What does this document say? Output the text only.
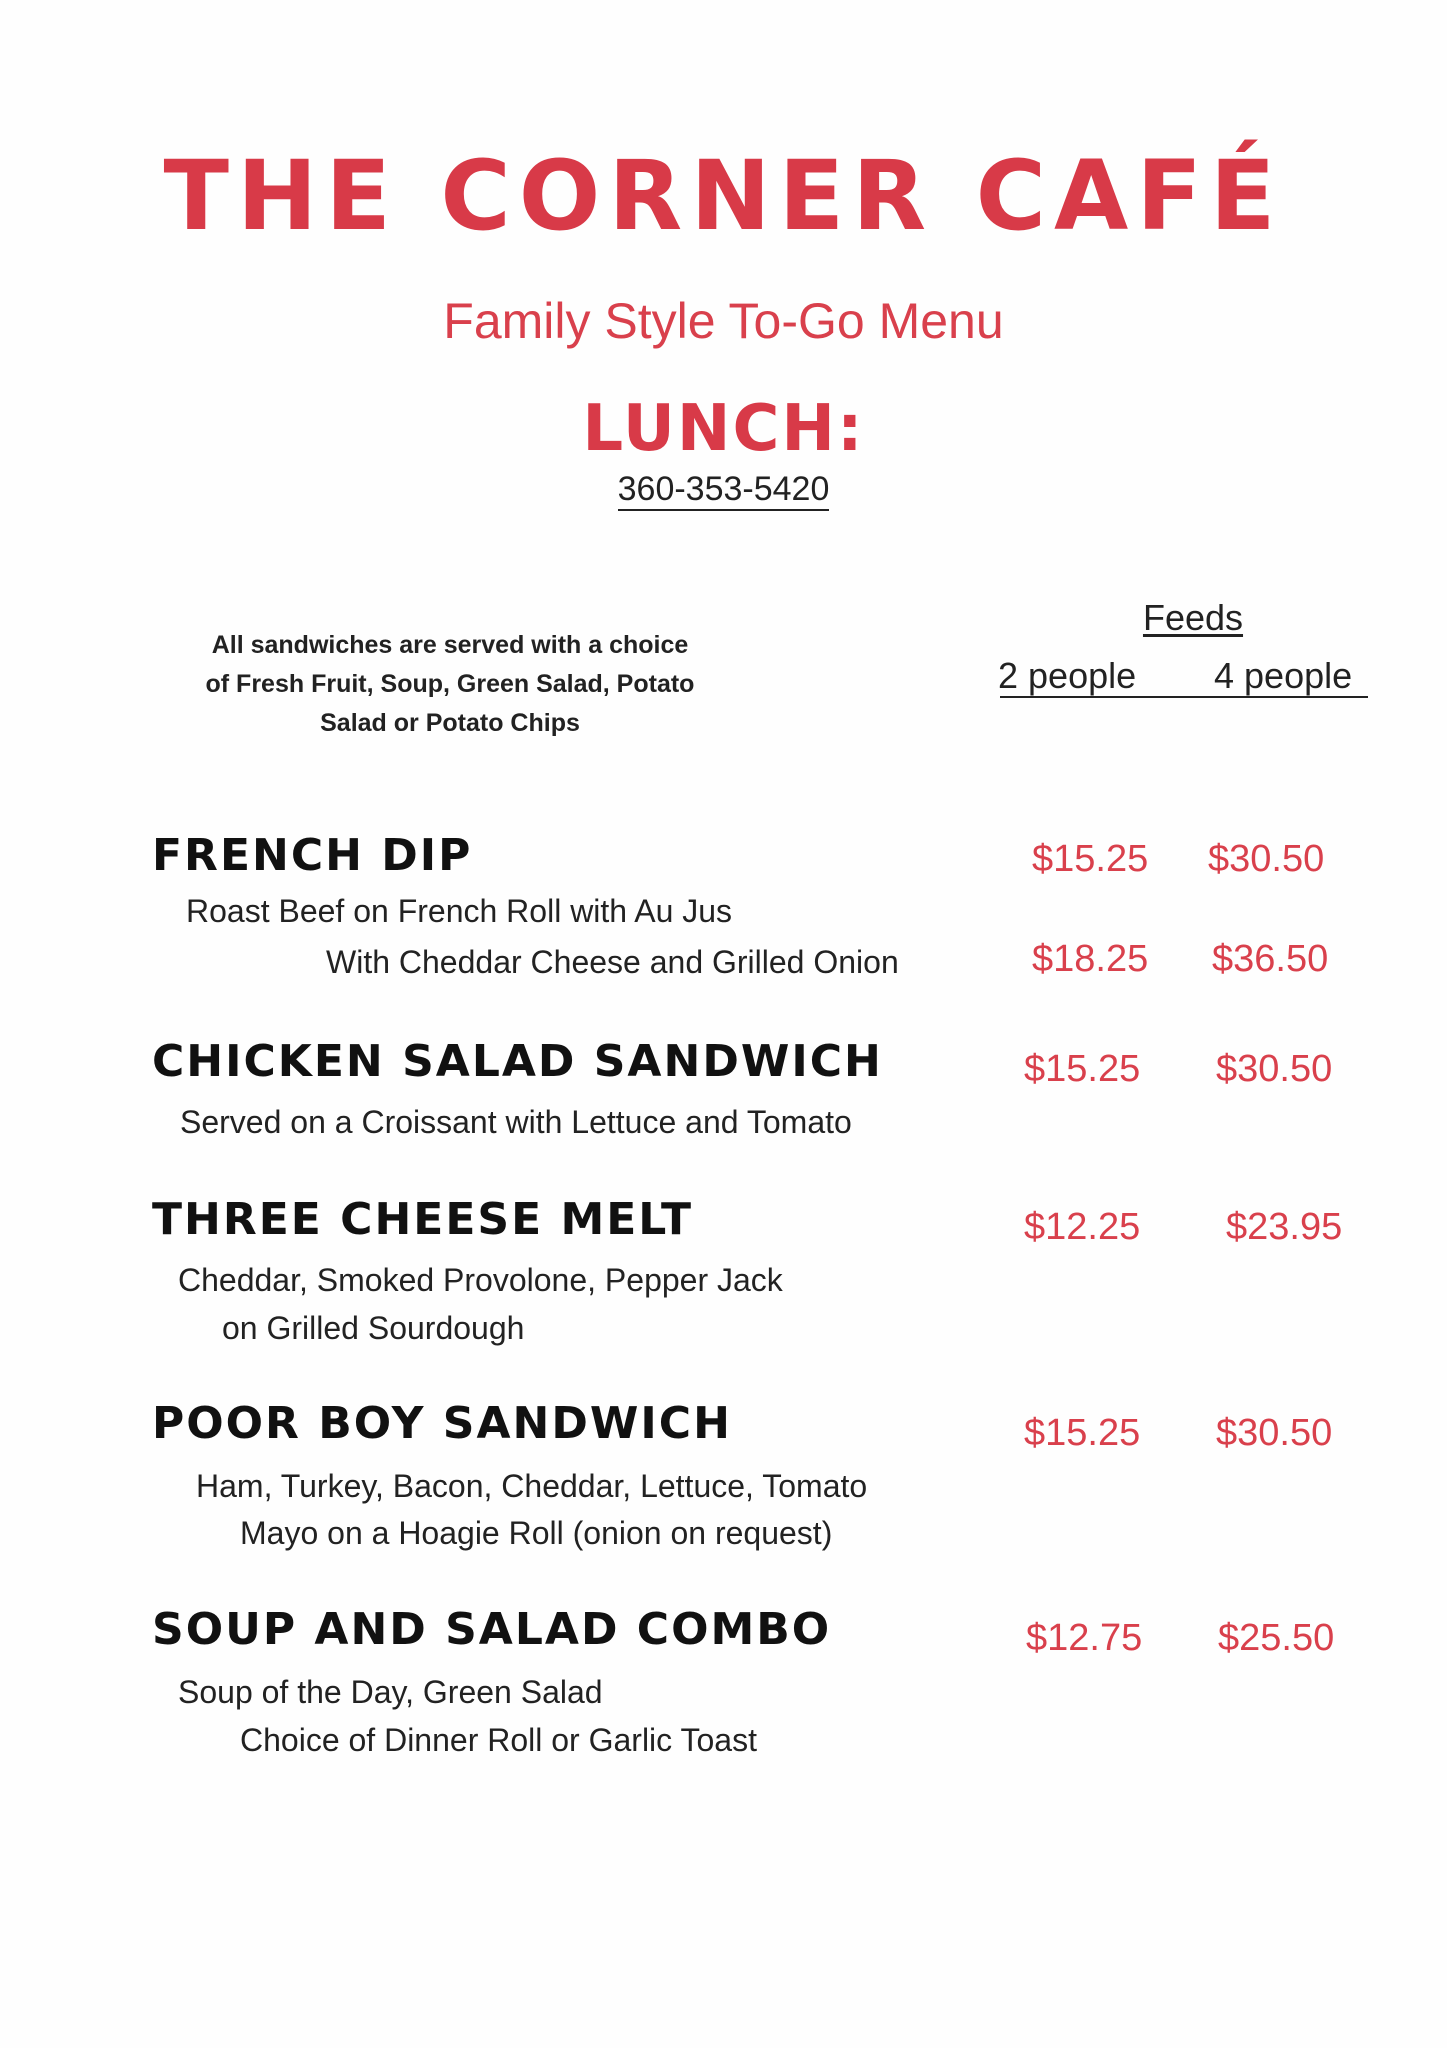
THE CORNER CAFÉ
Family Style To-Go Menu
LUNCH:
360-353-5420
All sandwiches are served with a choice of Fresh Fruit, Soup, Green Salad, Potato Salad or Potato Chips
Feeds
2 people 4 people
FRENCH DIP	$15.25 $30.50
Roast Beef on French Roll with Au Jus
With Cheddar Cheese and Grilled Onion	$18.25 $36.50
CHICKEN SALAD SANDWICH	$15.25 $30.50
Served on a Croissant with Lettuce and Tomato
THREE CHEESE MELT	$12.25 $23.95
Cheddar, Smoked Provolone, Pepper Jack
on Grilled Sourdough
POOR BOY SANDWICH	$15.25 $30.50
Ham, Turkey, Bacon, Cheddar, Lettuce, Tomato
Mayo on a Hoagie Roll (onion on request)
SOUP AND SALAD COMBO	$12.75 $25.50
Soup of the Day, Green Salad
Choice of Dinner Roll or Garlic Toast
